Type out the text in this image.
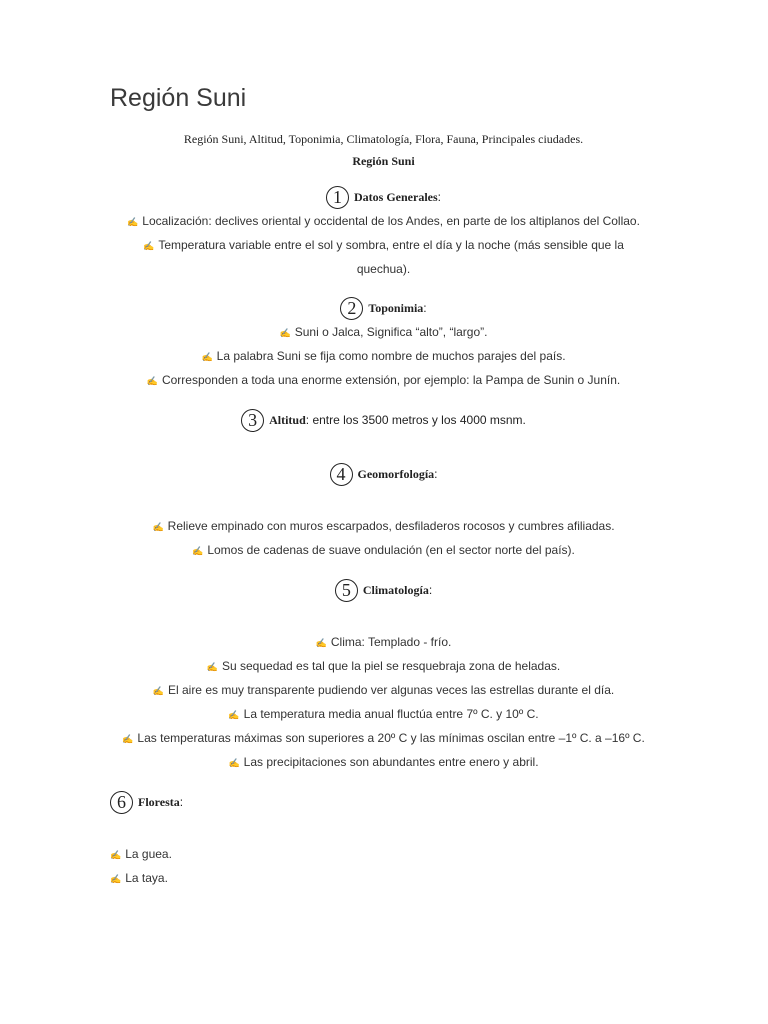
Región Suni
Región Suni, Altitud, Toponimia, Climatología, Flora, Fauna, Principales ciudades.
Región Suni
1	Datos Generales :
✍ Localización: declives oriental y occidental de los Andes, en parte de los altiplanos del Collao.
✍ Temperatura variable entre el sol y sombra, entre el día y la noche (más sensible que la quechua).
2	Toponimia :
✍ Suni o Jalca, Significa “alto”, “largo”.
✍ La palabra Suni se fija como nombre de muchos parajes del país.
✍ Corresponden a toda una enorme extensión, por ejemplo: la Pampa de Sunin o Junín.
3	Altitud : entre los 3500 metros y los 4000 msnm.
4	Geomorfología :
✍ Relieve empinado con muros escarpados, desfiladeros rocosos y cumbres afiliadas.
✍ Lomos de cadenas de suave ondulación (en el sector norte del país).
5	Climatología :
✍ Clima: Templado - frío.
✍ Su sequedad es tal que la piel se resquebraja zona de heladas.
✍ El aire es muy transparente pudiendo ver algunas veces las estrellas durante el día.
✍ La temperatura media anual fluctúa entre 7º C. y 10º C.
✍ Las temperaturas máximas son superiores a 20º C y las mínimas oscilan entre –1º C. a –16º C.
✍ Las precipitaciones son abundantes entre enero y abril.
6	Floresta :
✍ La guea.
✍ La taya.
